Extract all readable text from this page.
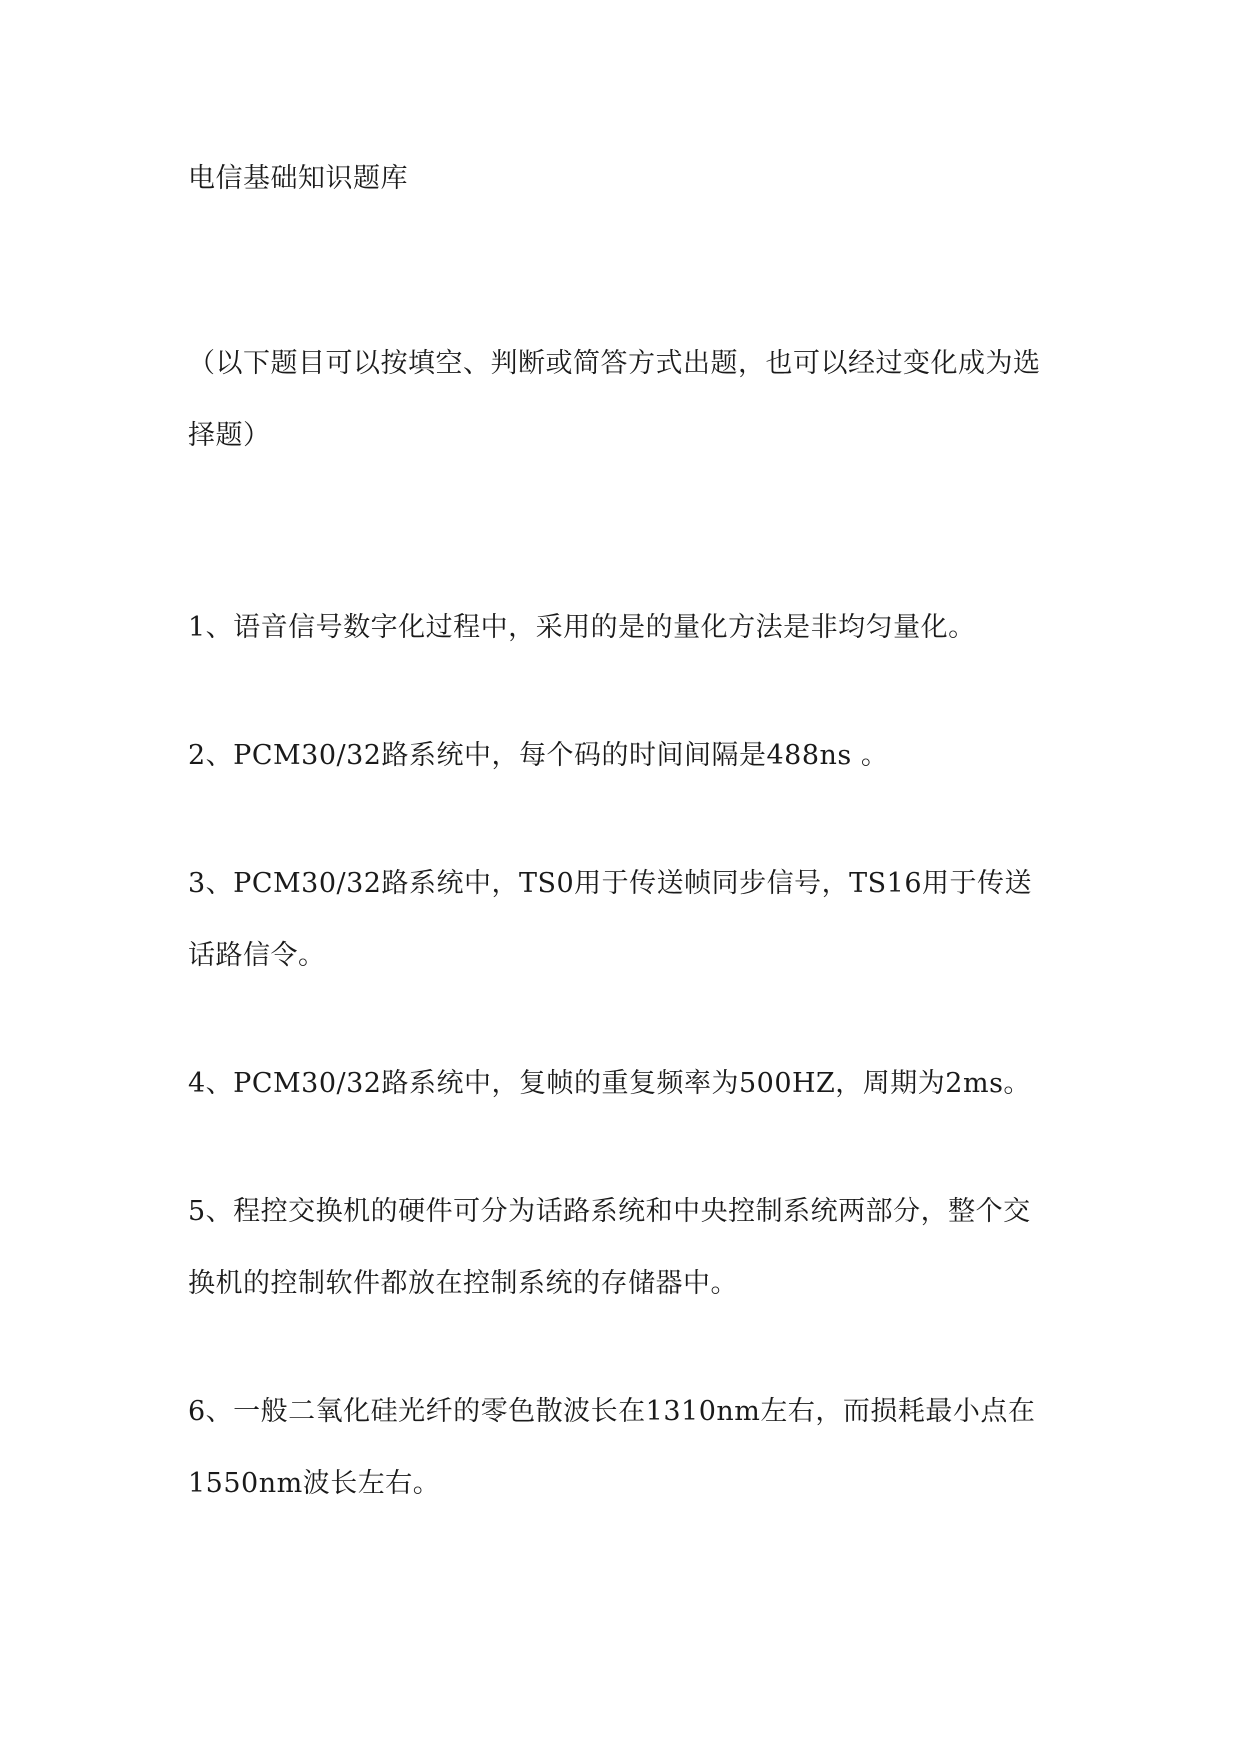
电信基础知识题库

（以下题目可以按填空、判断或简答方式出题，也可以经过变化成为选择题）

1、语音信号数字化过程中，采用的是的量化方法是非均匀量化。
2、PCM30/32路系统中，每个码的时间间隔是488ns 。
3、PCM30/32路系统中，TS0用于传送帧同步信号，TS16用于传送话路信令。
4、PCM30/32路系统中，复帧的重复频率为500HZ，周期为2ms。
5、程控交换机的硬件可分为话路系统和中央控制系统两部分，整个交换机的控制软件都放在控制系统的存储器中。
6、一般二氧化硅光纤的零色散波长在1310nm左右，而损耗最小点在1550nm波长左右。
